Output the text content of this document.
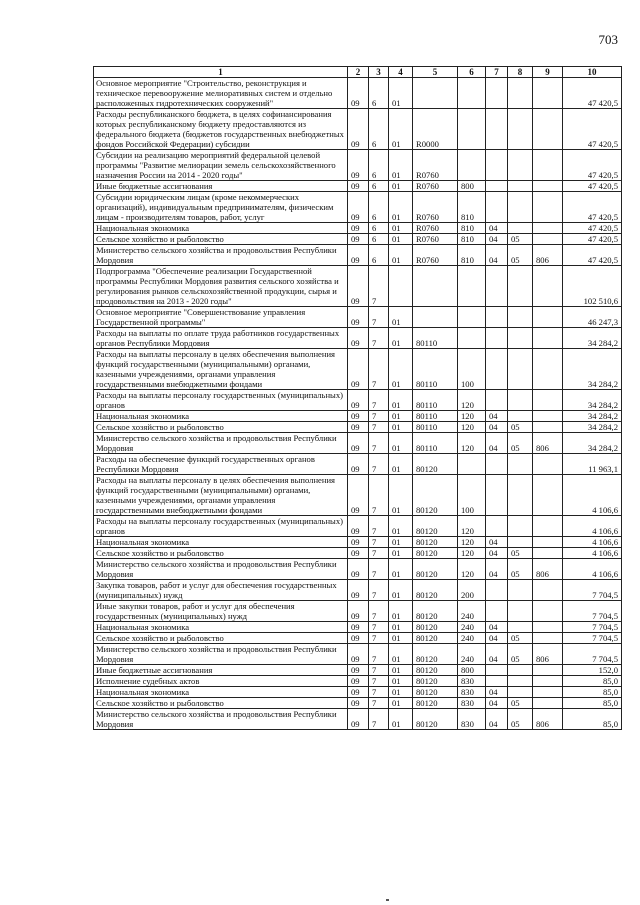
703
1	2	3	4	5	6	7	8	9	10
Основное мероприятие "Строительство, реконструкция и техническое перевооружение мелиоративных систем и отдельно расположенных гидротехнических сооружений"	09	6	01						47 420,5
Расходы республиканского бюджета, в целях софинансирования которых республиканскому бюджету предоставляются из федерального бюджета (бюджетов государственных внебюджетных фондов Российской Федерации) субсидии	09	6	01	R0000					47 420,5
Субсидии на реализацию мероприятий федеральной целевой программы "Развитие мелиорации земель сельскохозяйственного назначения России на 2014 - 2020 годы"	09	6	01	R0760					47 420,5
Иные бюджетные ассигнования	09	6	01	R0760	800				47 420,5
Субсидии юридическим лицам (кроме некоммерческих организаций), индивидуальным предпринимателям, физическим лицам - производителям товаров, работ, услуг	09	6	01	R0760	810				47 420,5
Национальная экономика	09	6	01	R0760	810	04			47 420,5
Сельское хозяйство и рыболовство	09	6	01	R0760	810	04	05		47 420,5
Министерство сельского хозяйства и продовольствия Республики Мордовия	09	6	01	R0760	810	04	05	806	47 420,5
Подпрограмма "Обеспечение реализации Государственной программы Республики Мордовия развития сельского хозяйства и регулирования рынков сельскохозяйственной продукции, сырья и продовольствия на 2013 - 2020 годы"	09	7							102 510,6
Основное мероприятие "Совершенствование управления Государственной программы"	09	7	01						46 247,3
Расходы на выплаты по оплате труда работников государственных органов Республики Мордовия	09	7	01	80110					34 284,2
Расходы на выплаты персоналу в целях обеспечения выполнения функций государственными (муниципальными) органами, казенными учреждениями, органами управления государственными внебюджетными фондами	09	7	01	80110	100				34 284,2
Расходы на выплаты персоналу государственных (муниципальных) органов	09	7	01	80110	120				34 284,2
Национальная экономика	09	7	01	80110	120	04			34 284,2
Сельское хозяйство и рыболовство	09	7	01	80110	120	04	05		34 284,2
Министерство сельского хозяйства и продовольствия Республики Мордовия	09	7	01	80110	120	04	05	806	34 284,2
Расходы на обеспечение функций государственных органов Республики Мордовия	09	7	01	80120					11 963,1
Расходы на выплаты персоналу в целях обеспечения выполнения функций государственными (муниципальными) органами, казенными учреждениями, органами управления государственными внебюджетными фондами	09	7	01	80120	100				4 106,6
Расходы на выплаты персоналу государственных (муниципальных) органов	09	7	01	80120	120				4 106,6
Национальная экономика	09	7	01	80120	120	04			4 106,6
Сельское хозяйство и рыболовство	09	7	01	80120	120	04	05		4 106,6
Министерство сельского хозяйства и продовольствия Республики Мордовия	09	7	01	80120	120	04	05	806	4 106,6
Закупка товаров, работ и услуг для обеспечения государственных (муниципальных) нужд	09	7	01	80120	200				7 704,5
Иные закупки товаров, работ и услуг для обеспечения государственных (муниципальных) нужд	09	7	01	80120	240				7 704,5
Национальная экономика	09	7	01	80120	240	04			7 704,5
Сельское хозяйство и рыболовство	09	7	01	80120	240	04	05		7 704,5
Министерство сельского хозяйства и продовольствия Республики Мордовия	09	7	01	80120	240	04	05	806	7 704,5
Иные бюджетные ассигнования	09	7	01	80120	800				152,0
Исполнение судебных актов	09	7	01	80120	830				85,0
Национальная экономика	09	7	01	80120	830	04			85,0
Сельское хозяйство и рыболовство	09	7	01	80120	830	04	05		85,0
Министерство сельского хозяйства и продовольствия Республики Мордовия	09	7	01	80120	830	04	05	806	85,0
